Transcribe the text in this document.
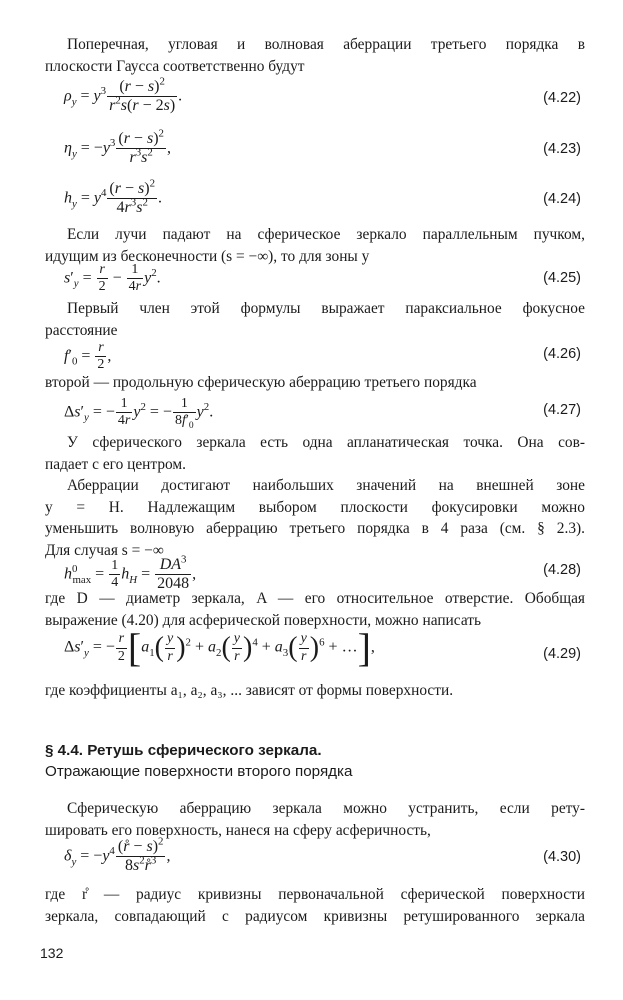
Поперечная, угловая и волновая аберрации третьего порядка в
плоскости Гаусса соответственно будут

$\rho_y = y^3 \frac{(r - s)^2}{r^2s(r - 2s)}$ .	(4.22)
$\eta_y = -y^3 \frac{(r - s)^2}{r^3s^2}$ ,	(4.23)
$h_y = y^4 \frac{(r - s)^2}{4r^3s^2}$ .	(4.24)

Если лучи падают на сферическое зеркало параллельным пучком,
идущим из бесконечности (s = −∞), то для зоны y

$s'_y = \frac{r}{2} - \frac{1}{4r} y^2$.	(4.25)

Первый член этой формулы выражает параксиальное фокусное
расстояние

$f'_0 = \frac{r}{2}$ ,	(4.26)

второй — продольную сферическую аберрацию третьего порядка

$\Delta s'_y$ = − $\frac{1}{4r} y^2$ = − $\frac{1}{8f'_0} y^2$.	(4.27)

У сферического зеркала есть одна апланатическая точка. Она сов-
падает с его центром.

Аберрации достигают наибольших значений на внешней зоне
y = H. Надлежащим выбором плоскости фокусировки можно
уменьшить волновую аберрацию третьего порядка в 4 раза (см. § 2.3).
Для случая s = −∞

$h^0_{max} = \frac{1}{4} h_H = \frac{DA^3}{2048}$ ,	(4.28)

где D — диаметр зеркала, A — его относительное отверстие. Обобщая
выражение (4.20) для асферической поверхности, можно написать

$\Delta s'_y$ = − $\frac{r}{2} [a_1( \frac{y}{r} )^2 + a_2( \frac{y}{r} )^4 + a_3( \frac{y}{r} )^6$ + …],	(4.29)

где коэффициенты a₁, a₂, a₃, ... зависят от формы поверхности.

§ 4.4. Ретушь сферического зеркала.
Отражающие поверхности второго порядка

Сферическую аберрацию зеркала можно устранить, если рету-
шировать его поверхность, нанеся на сферу асферичность,

$\delta_y = -y^4 \frac{(r̊ - s)^2}{8s^2r̊^3}$ ,	(4.30)

где r̊ — радиус кривизны первоначальной сферической поверхности
зеркала, совпадающий с радиусом кривизны ретушированного зеркала

132
